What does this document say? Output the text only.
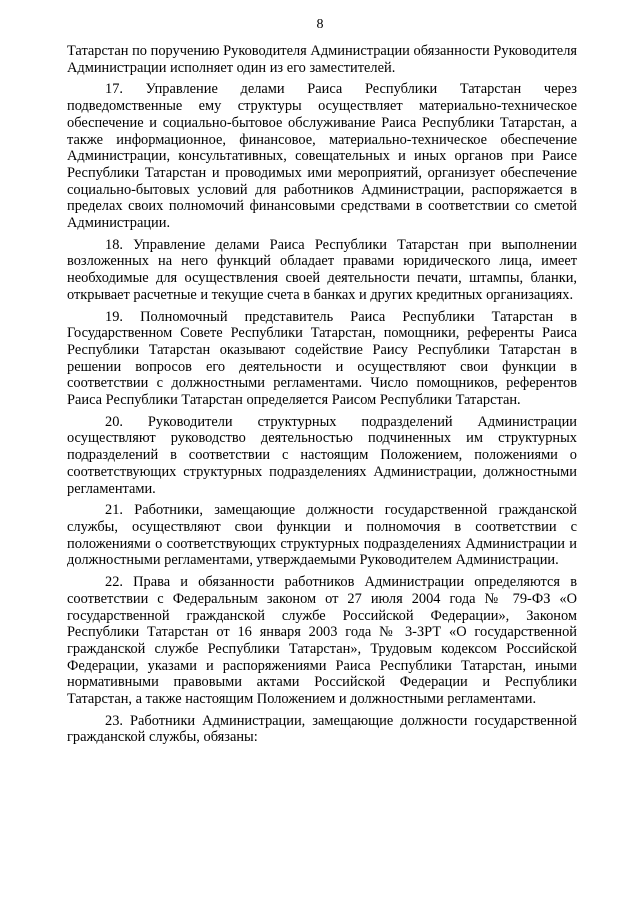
8

Татарстан по поручению Руководителя Администрации обязанности Руководителя Администрации исполняет один из его заместителей.

17. Управление делами Раиса Республики Татарстан через подведомственные ему структуры осуществляет материально-техническое обеспечение и социально-бытовое обслуживание Раиса Республики Татарстан, а также информационное, финансовое, материально-техническое обеспечение Администрации, консультативных, совещательных и иных органов при Раисе Республики Татарстан и проводимых ими мероприятий, организует обеспечение социально-бытовых условий для работников Администрации, распоряжается в пределах своих полномочий финансовыми средствами в соответствии со сметой Администрации.

18. Управление делами Раиса Республики Татарстан при выполнении возложенных на него функций обладает правами юридического лица, имеет необходимые для осуществления своей деятельности печати, штампы, бланки, открывает расчетные и текущие счета в банках и других кредитных организациях.

19. Полномочный представитель Раиса Республики Татарстан в Государственном Совете Республики Татарстан, помощники, референты Раиса Республики Татарстан оказывают содействие Раису Республики Татарстан в решении вопросов его деятельности и осуществляют свои функции в соответствии с должностными регламентами. Число помощников, референтов Раиса Республики Татарстан определяется Раисом Республики Татарстан.

20. Руководители структурных подразделений Администрации осуществляют руководство деятельностью подчиненных им структурных подразделений в соответствии с настоящим Положением, положениями о соответствующих структурных подразделениях Администрации, должностными регламентами.

21. Работники, замещающие должности государственной гражданской службы, осуществляют свои функции и полномочия в соответствии с положениями о соответствующих структурных подразделениях Администрации и должностными регламентами, утверждаемыми Руководителем Администрации.

22. Права и обязанности работников Администрации определяются в соответствии с Федеральным законом от 27 июля 2004 года № 79-ФЗ «О государственной гражданской службе Российской Федерации», Законом Республики Татарстан от 16 января 2003 года № 3-ЗРТ «О государственной гражданской службе Республики Татарстан», Трудовым кодексом Российской Федерации, указами и распоряжениями Раиса Республики Татарстан, иными нормативными правовыми актами Российской Федерации и Республики Татарстан, а также настоящим Положением и должностными регламентами.

23. Работники Администрации, замещающие должности государственной гражданской службы, обязаны:
